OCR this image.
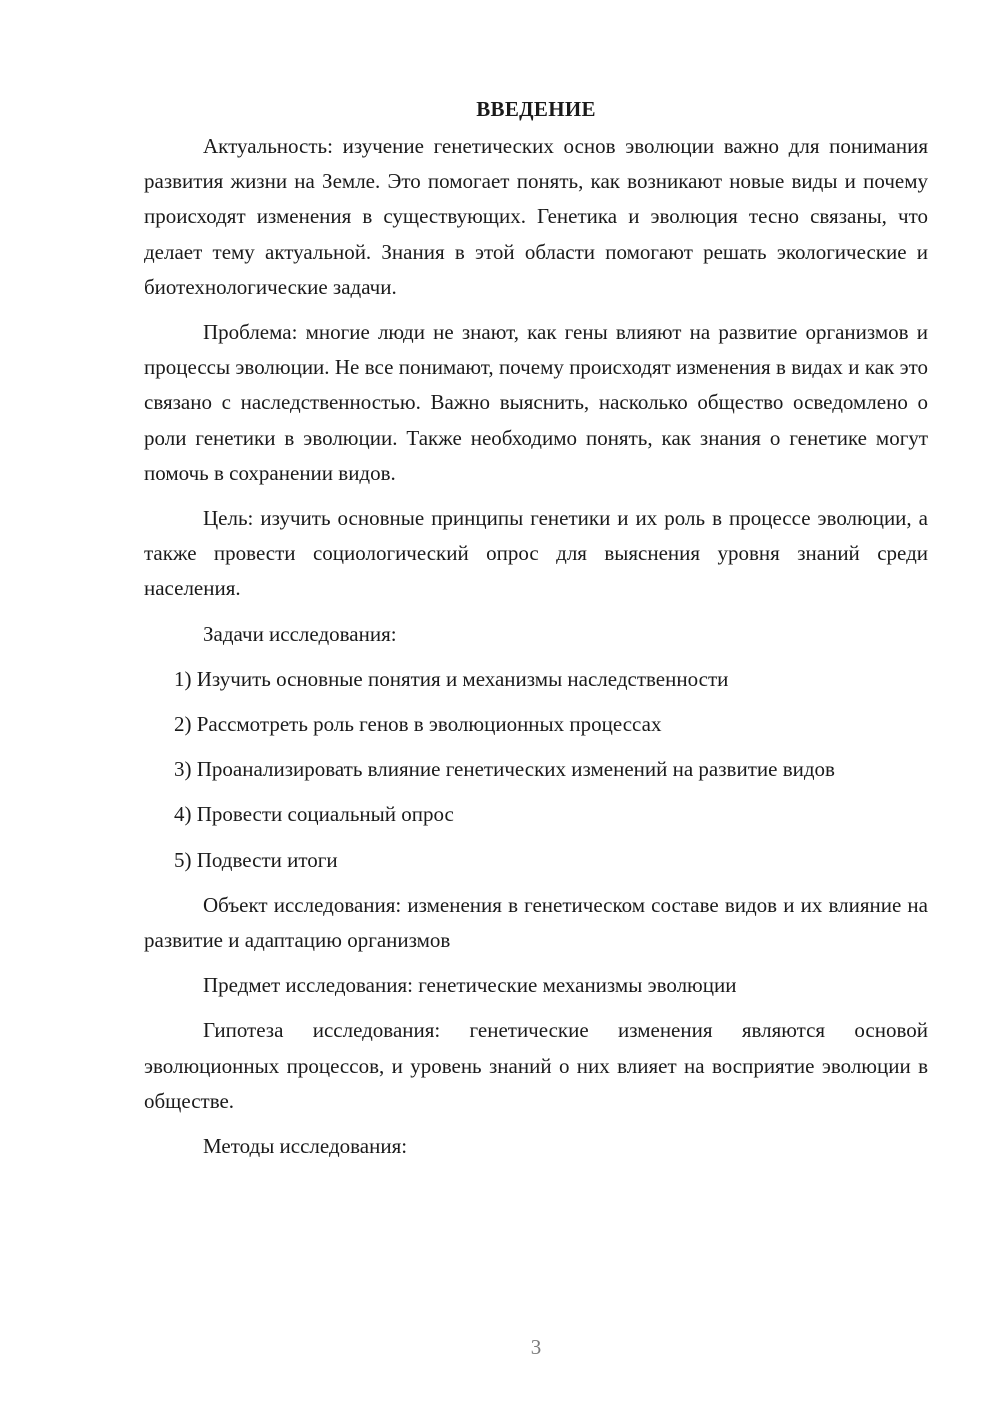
ВВЕДЕНИЕ

Актуальность: изучение генетических основ эволюции важно для понимания развития жизни на Земле. Это помогает понять, как возникают новые виды и почему происходят изменения в существующих. Генетика и эволюция тесно связаны, что делает тему актуальной. Знания в этой области помогают решать экологические и биотехнологические задачи.

Проблема: многие люди не знают, как гены влияют на развитие организмов и процессы эволюции. Не все понимают, почему происходят изменения в видах и как это связано с наследственностью. Важно выяснить, насколько общество осведомлено о роли генетики в эволюции. Также необходимо понять, как знания о генетике могут помочь в сохранении видов.

Цель: изучить основные принципы генетики и их роль в процессе эволюции, а также провести социологический опрос для выяснения уровня знаний среди населения.

Задачи исследования:

1) Изучить основные понятия и механизмы наследственности

2) Рассмотреть роль генов в эволюционных процессах

3) Проанализировать влияние генетических изменений на развитие видов

4) Провести социальный опрос

5) Подвести итоги

Объект исследования: изменения в генетическом составе видов и их влияние на развитие и адаптацию организмов

Предмет исследования: генетические механизмы эволюции

Гипотеза исследования: генетические изменения являются основой эволюционных процессов, и уровень знаний о них влияет на восприятие эволюции в обществе.

Методы исследования:

3
